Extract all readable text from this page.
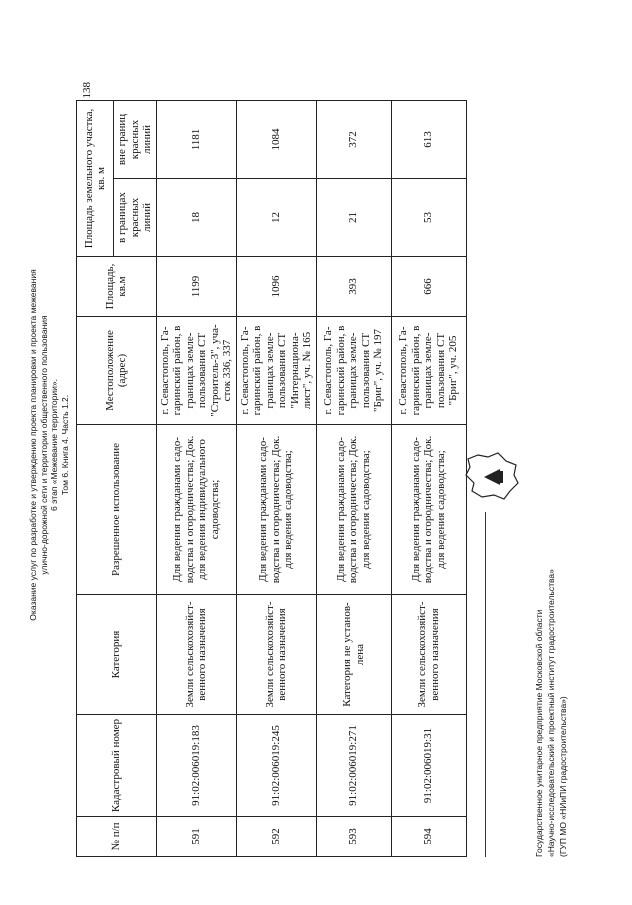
Оказание услуг по разработке и утверждению проекта планировки и проекта межевания улично-дорожной сети и территории общественного пользования 6 этап «Межевание территории». Том 6. Книга 4. Часть 1.2.
138
№ п/п	Кадастровый номер	Категория	Разрешенное использование	Местоположение (адрес)	Площадь, кв.м	Площадь земельного участка, кв. м	
						в границах красных линий	вне границ красных линий
591	91:02:006019:183	Земли сельскохозяйст-венного назначения	Для ведения гражданами садо-водства и огородничества; Док. для ведения индивидуального садоводства;	г. Севастополь, Га-гаринский район, в границах земле-пользования СТ "Строитель-3", уча-сток 336, 337	1199	18	1181
592	91:02:006019:245	Земли сельскохозяйст-венного назначения	Для ведения гражданами садо-водства и огородничества; Док. для ведения садоводства;	г. Севастополь, Га-гаринский район, в границах земле-пользования СТ "Интернациона-лист", уч. № 165	1096	12	1084
593	91:02:006019:271	Категория не установ-лена	Для ведения гражданами садо-водства и огородничества; Док. для ведения садоводства;	г. Севастополь, Га-гаринский район, в границах земле-пользования СТ "Бриг", уч. № 197	393	21	372
594	91:02:006019:31	Земли сельскохозяйст-венного назначения	Для ведения гражданами садо-водства и огородничества; Док. для ведения садоводства;	г. Севастополь, Га-гаринский район, в границах земле-пользования СТ "Бриг", уч. 205	666	53	613
Государственное унитарное предприятие Московской области «Научно-исследовательский и проектный институт градостроительства» (ГУП МО «НИиПИ градостроительства»)
